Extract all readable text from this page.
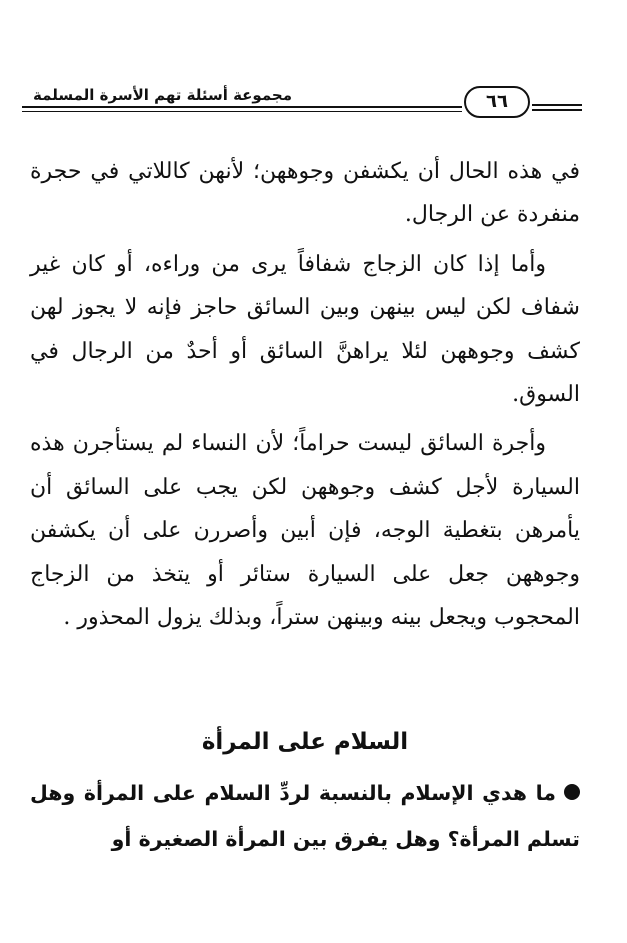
مجموعة أسئلة تهم الأسرة المسلمة	٦٦

في هذه الحال أن يكشفن وجوههن؛ لأنهن كاللاتي في حجرة منفردة عن الرجال.

وأما إذا كان الزجاج شفافاً يرى من وراءه، أو كان غير شفاف لكن ليس بينهن وبين السائق حاجز فإنه لا يجوز لهن كشف وجوههن لئلا يراهنَّ السائق أو أحدٌ من الرجال في السوق.

وأجرة السائق ليست حراماً؛ لأن النساء لم يستأجرن هذه السيارة لأجل كشف وجوههن لكن يجب على السائق أن يأمرهن بتغطية الوجه، فإن أبين وأصررن على أن يكشفن وجوههن جعل على السيارة ستائر أو يتخذ من الزجاج المحجوب ويجعل بينه وبينهن ستراً، وبذلك يزول المحذور .

السلام على المرأة
ما هدي الإسلام بالنسبة لردِّ السلام على المرأة وهل تسلم المرأة؟ وهل يفرق بين المرأة الصغيرة أو
